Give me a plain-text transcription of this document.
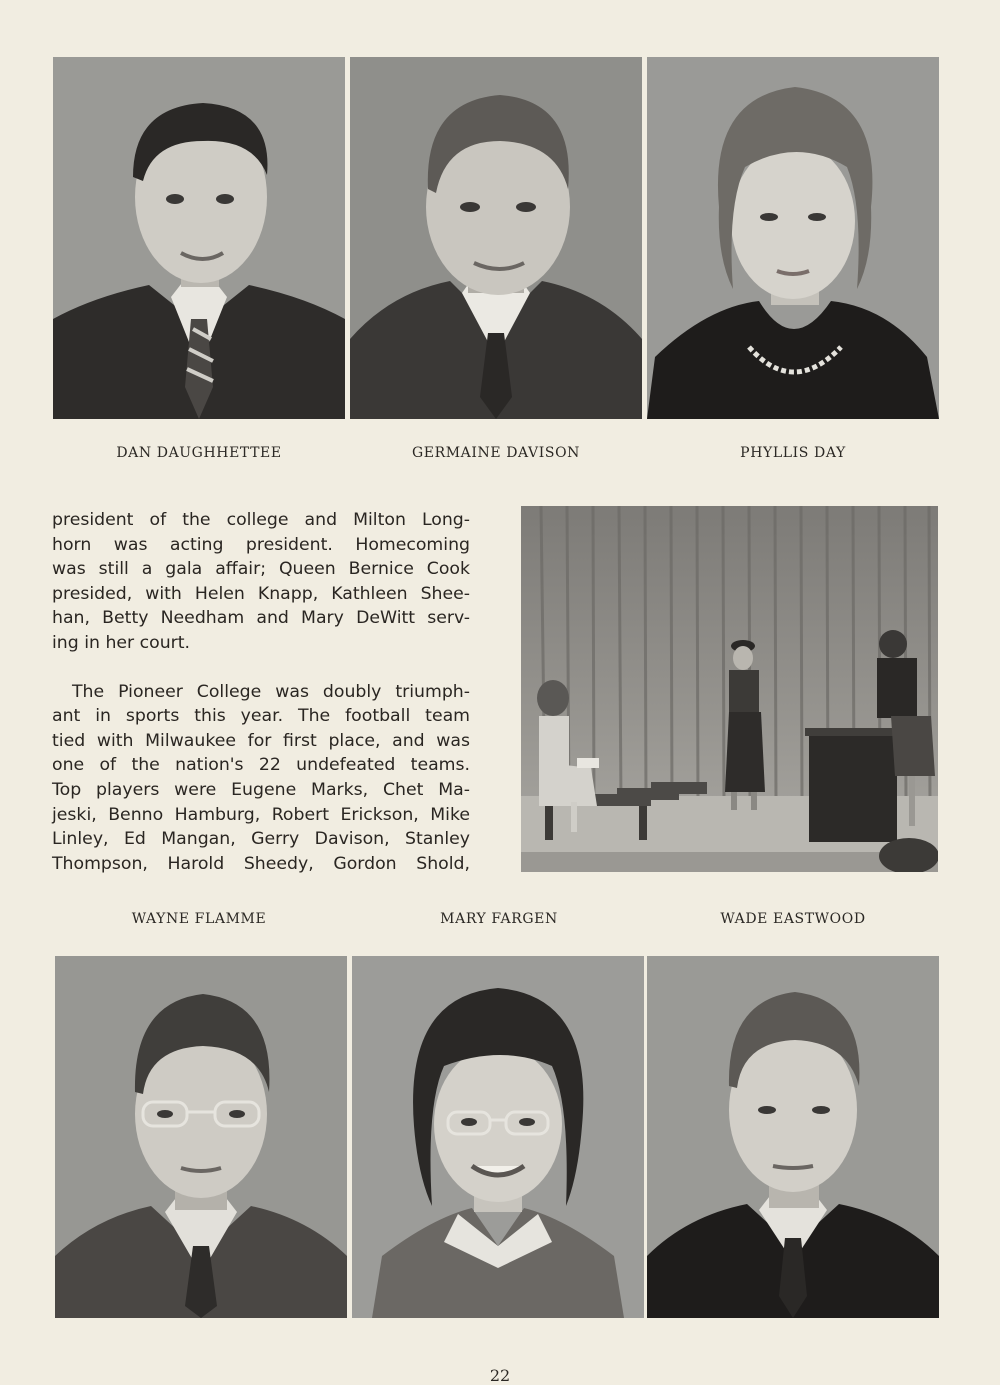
DAN DAUGHHETTEE	GERMAINE DAVISON	PHYLLIS DAY

president of the college and Milton Long-

horn was acting president. Homecoming

was still a gala affair; Queen Bernice Cook

presided, with Helen Knapp, Kathleen Shee-

han, Betty Needham and Mary DeWitt serv-

ing in her court.

The Pioneer College was doubly triumph-

ant in sports this year. The football team

tied with Milwaukee for first place, and was

one of the nation's 22 undefeated teams.

Top players were Eugene Marks, Chet Ma-

jeski, Benno Hamburg, Robert Erickson, Mike

Linley, Ed Mangan, Gerry Davison, Stanley

Thompson, Harold Sheedy, Gordon Shold,

WAYNE FLAMME	MARY FARGEN	WADE EASTWOOD
22
